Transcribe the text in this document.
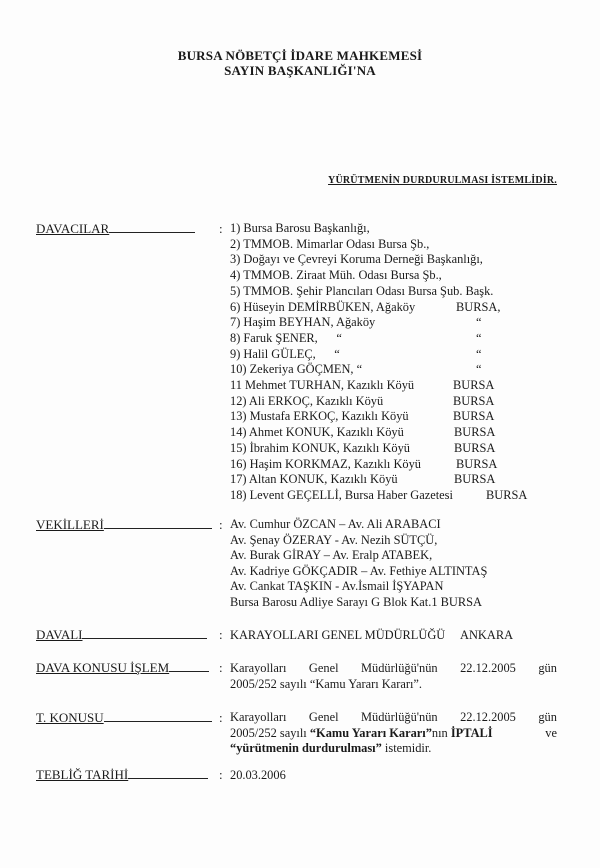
BURSA NÖBETÇİ İDARE MAHKEMESİ
SAYIN BAŞKANLIĞI'NA
YÜRÜTMENİN DURDURULMASI İSTEMLİDİR.
DAVACILAR	: 1) Bursa Barosu Başkanlığı,
2) TMMOB. Mimarlar Odası Bursa Şb.,
3) Doğayı ve Çevreyi Koruma Derneği Başkanlığı,
4) TMMOB. Ziraat Müh. Odası Bursa Şb.,
5) TMMOB. Şehir Plancıları Odası Bursa Şub. Başk.
6) Hüseyin DEMİRBÜKEN, Ağaköy	BURSA,
7) Haşim BEYHAN, Ağaköy	“
8) Faruk ŞENER,      “	“
9) Halil GÜLEÇ,      “	“
10) Zekeriya GÖÇMEN, “	“
11 Mehmet TURHAN, Kazıklı Köyü	BURSA
12) Ali ERKOÇ, Kazıklı Köyü	BURSA
13) Mustafa ERKOÇ, Kazıklı Köyü	BURSA
14) Ahmet KONUK, Kazıklı Köyü	BURSA
15) İbrahim KONUK, Kazıklı Köyü	BURSA
16) Haşim KORKMAZ, Kazıklı Köyü	BURSA
17) Altan KONUK, Kazıklı Köyü	BURSA
18) Levent GEÇELLİ, Bursa Haber Gazetesi	BURSA
VEKİLLERİ	: Av. Cumhur ÖZCAN – Av. Ali ARABACI
Av. Şenay ÖZERAY - Av. Nezih SÜTÇÜ,
Av. Burak GİRAY – Av. Eralp ATABEK,
Av. Kadriye GÖKÇADIR – Av. Fethiye ALTINTAŞ
Av. Cankat TAŞKIN - Av.İsmail İŞYAPAN
Bursa Barosu Adliye Sarayı G Blok Kat.1 BURSA
DAVALI	: KARAYOLLARI GENEL MÜDÜRLÜĞÜ     ANKARA
DAVA KONUSU İŞLEM	: Karayolları Genel Müdürlüğü'nün 22.12.2005 gün
2005/252 sayılı “Kamu Yararı Kararı”.
T. KONUSU	: Karayolları Genel Müdürlüğü'nün 22.12.2005 gün
2005/252 sayılı “Kamu Yararı Kararı”nın İPTALİ	ve
“yürütmenin durdurulması” istemidir.
TEBLİĞ TARİHİ	: 20.03.2006
